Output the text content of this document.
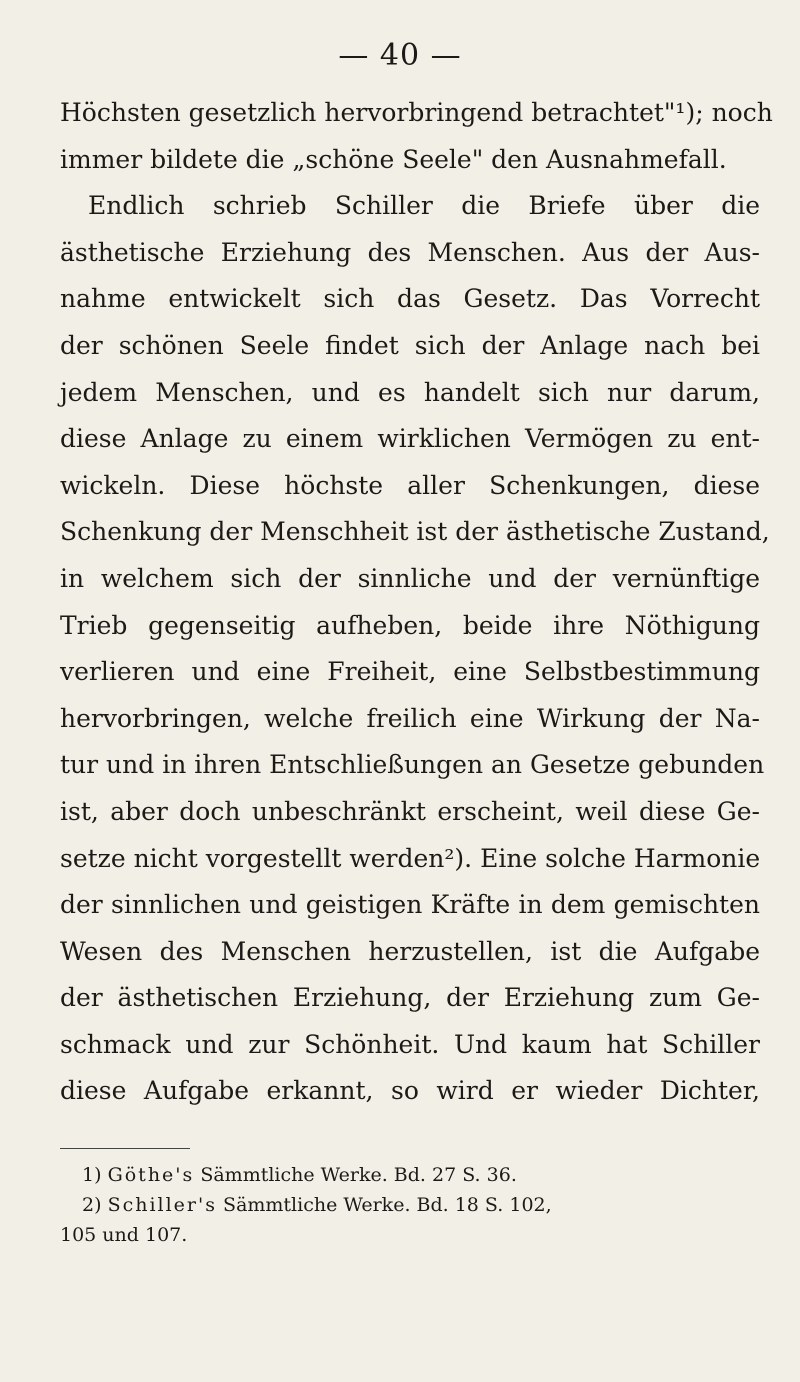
— 40 —
Höchsten gesetzlich hervorbringend betrachtet"¹); noch
immer bildete die „schöne Seele" den Ausnahmefall.
Endlich schrieb Schiller die Briefe über die
ästhetische Erziehung des Menschen. Aus der Aus-
nahme entwickelt sich das Gesetz. Das Vorrecht
der schönen Seele findet sich der Anlage nach bei
jedem Menschen, und es handelt sich nur darum,
diese Anlage zu einem wirklichen Vermögen zu ent-
wickeln. Diese höchste aller Schenkungen, diese
Schenkung der Menschheit ist der ästhetische Zustand,
in welchem sich der sinnliche und der vernünftige
Trieb gegenseitig aufheben, beide ihre Nöthigung
verlieren und eine Freiheit, eine Selbstbestimmung
hervorbringen, welche freilich eine Wirkung der Na-
tur und in ihren Entschließungen an Gesetze gebunden
ist, aber doch unbeschränkt erscheint, weil diese Ge-
setze nicht vorgestellt werden²). Eine solche Harmonie
der sinnlichen und geistigen Kräfte in dem gemischten
Wesen des Menschen herzustellen, ist die Aufgabe
der ästhetischen Erziehung, der Erziehung zum Ge-
schmack und zur Schönheit. Und kaum hat Schiller
diese Aufgabe erkannt, so wird er wieder Dichter,
1) Göthe's Sämmtliche Werke. Bd. 27 S. 36.
2) Schiller's Sämmtliche Werke. Bd. 18 S. 102,
105 und 107.
